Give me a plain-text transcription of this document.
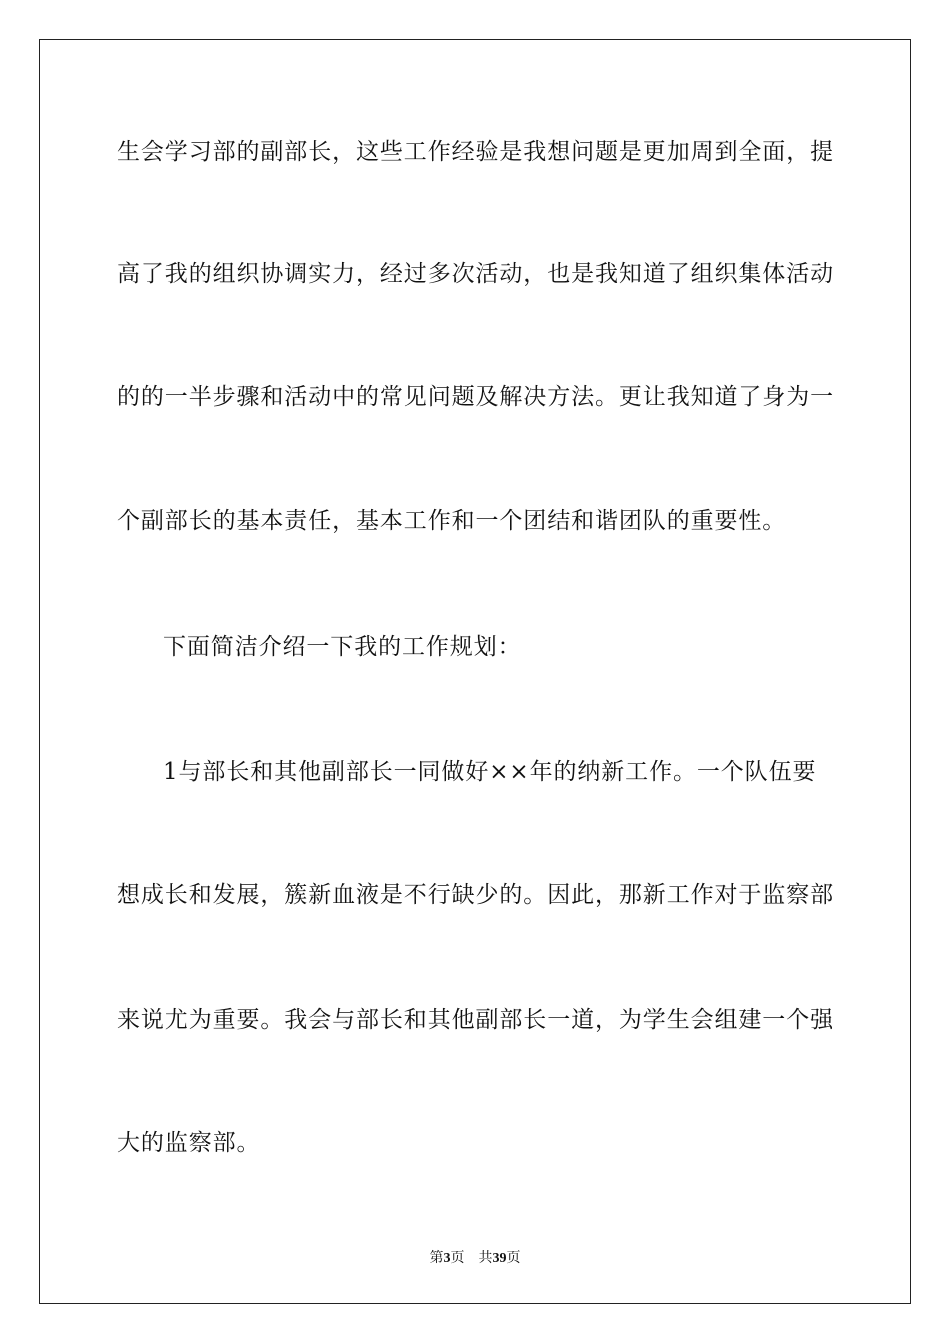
生会学习部的副部长，这些工作经验是我想问题是更加周到全面，提

高了我的组织协调实力，经过多次活动，也是我知道了组织集体活动

的的一半步骤和活动中的常见问题及解决方法。更让我知道了身为一

个副部长的基本责任，基本工作和一个团结和谐团队的重要性。

下面简洁介绍一下我的工作规划：

1与部长和其他副部长一同做好××年的纳新工作。一个队伍要

想成长和发展，簇新血液是不行缺少的。因此，那新工作对于监察部

来说尤为重要。我会与部长和其他副部长一道，为学生会组建一个强

大的监察部。

第3页 共39页
